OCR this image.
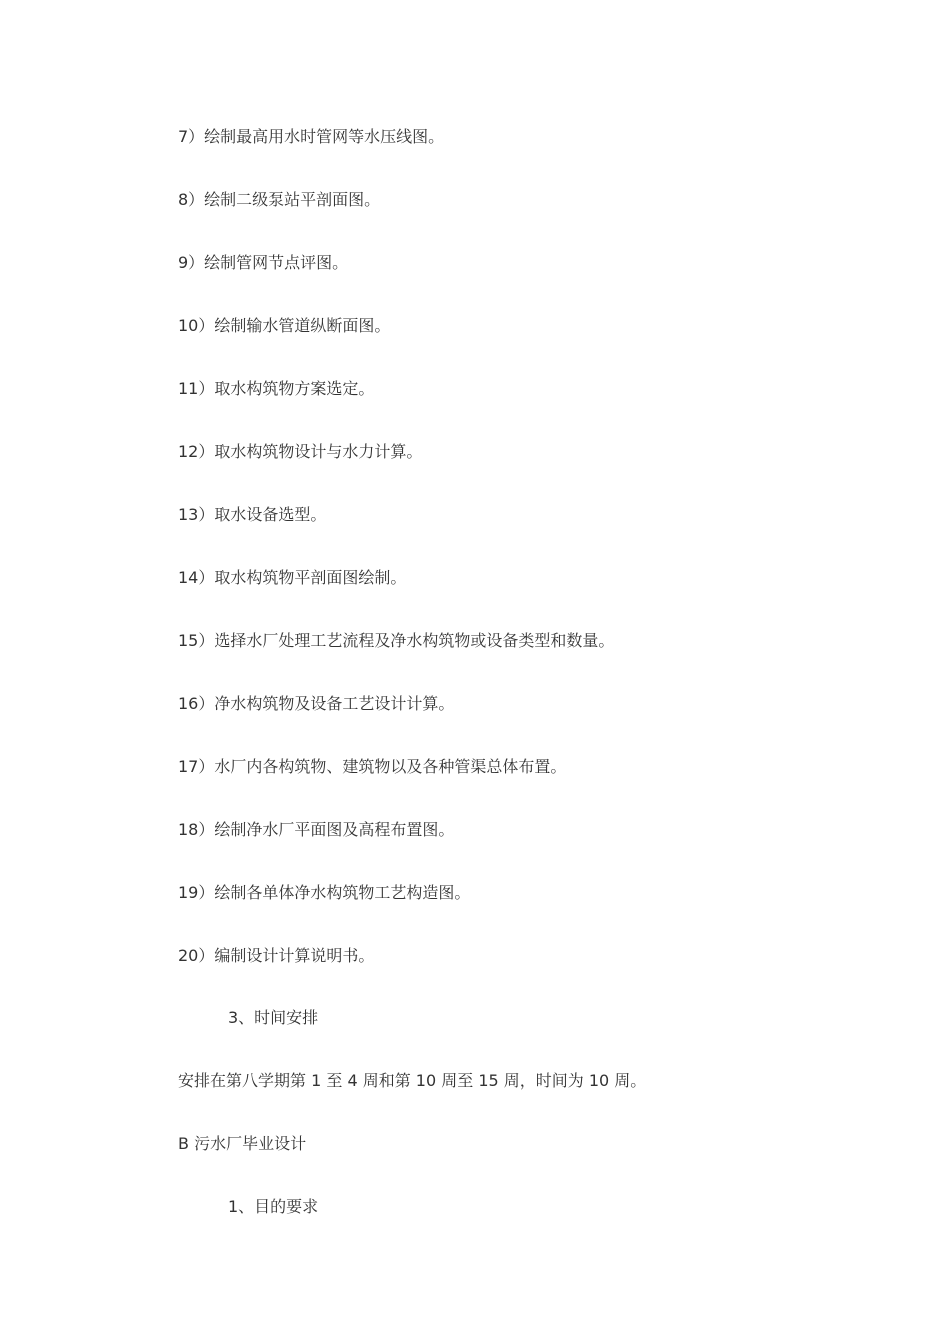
7）绘制最高用水时管网等水压线图。
8）绘制二级泵站平剖面图。
9）绘制管网节点评图。
10）绘制输水管道纵断面图。
11）取水构筑物方案选定。
12）取水构筑物设计与水力计算。
13）取水设备选型。
14）取水构筑物平剖面图绘制。
15）选择水厂处理工艺流程及净水构筑物或设备类型和数量。
16）净水构筑物及设备工艺设计计算。
17）水厂内各构筑物、建筑物以及各种管渠总体布置。
18）绘制净水厂平面图及高程布置图。
19）绘制各单体净水构筑物工艺构造图。
20）编制设计计算说明书。
3、时间安排
安排在第八学期第 1 至 4 周和第 10 周至 15 周，时间为 10 周。
B 污水厂毕业设计
1、目的要求
